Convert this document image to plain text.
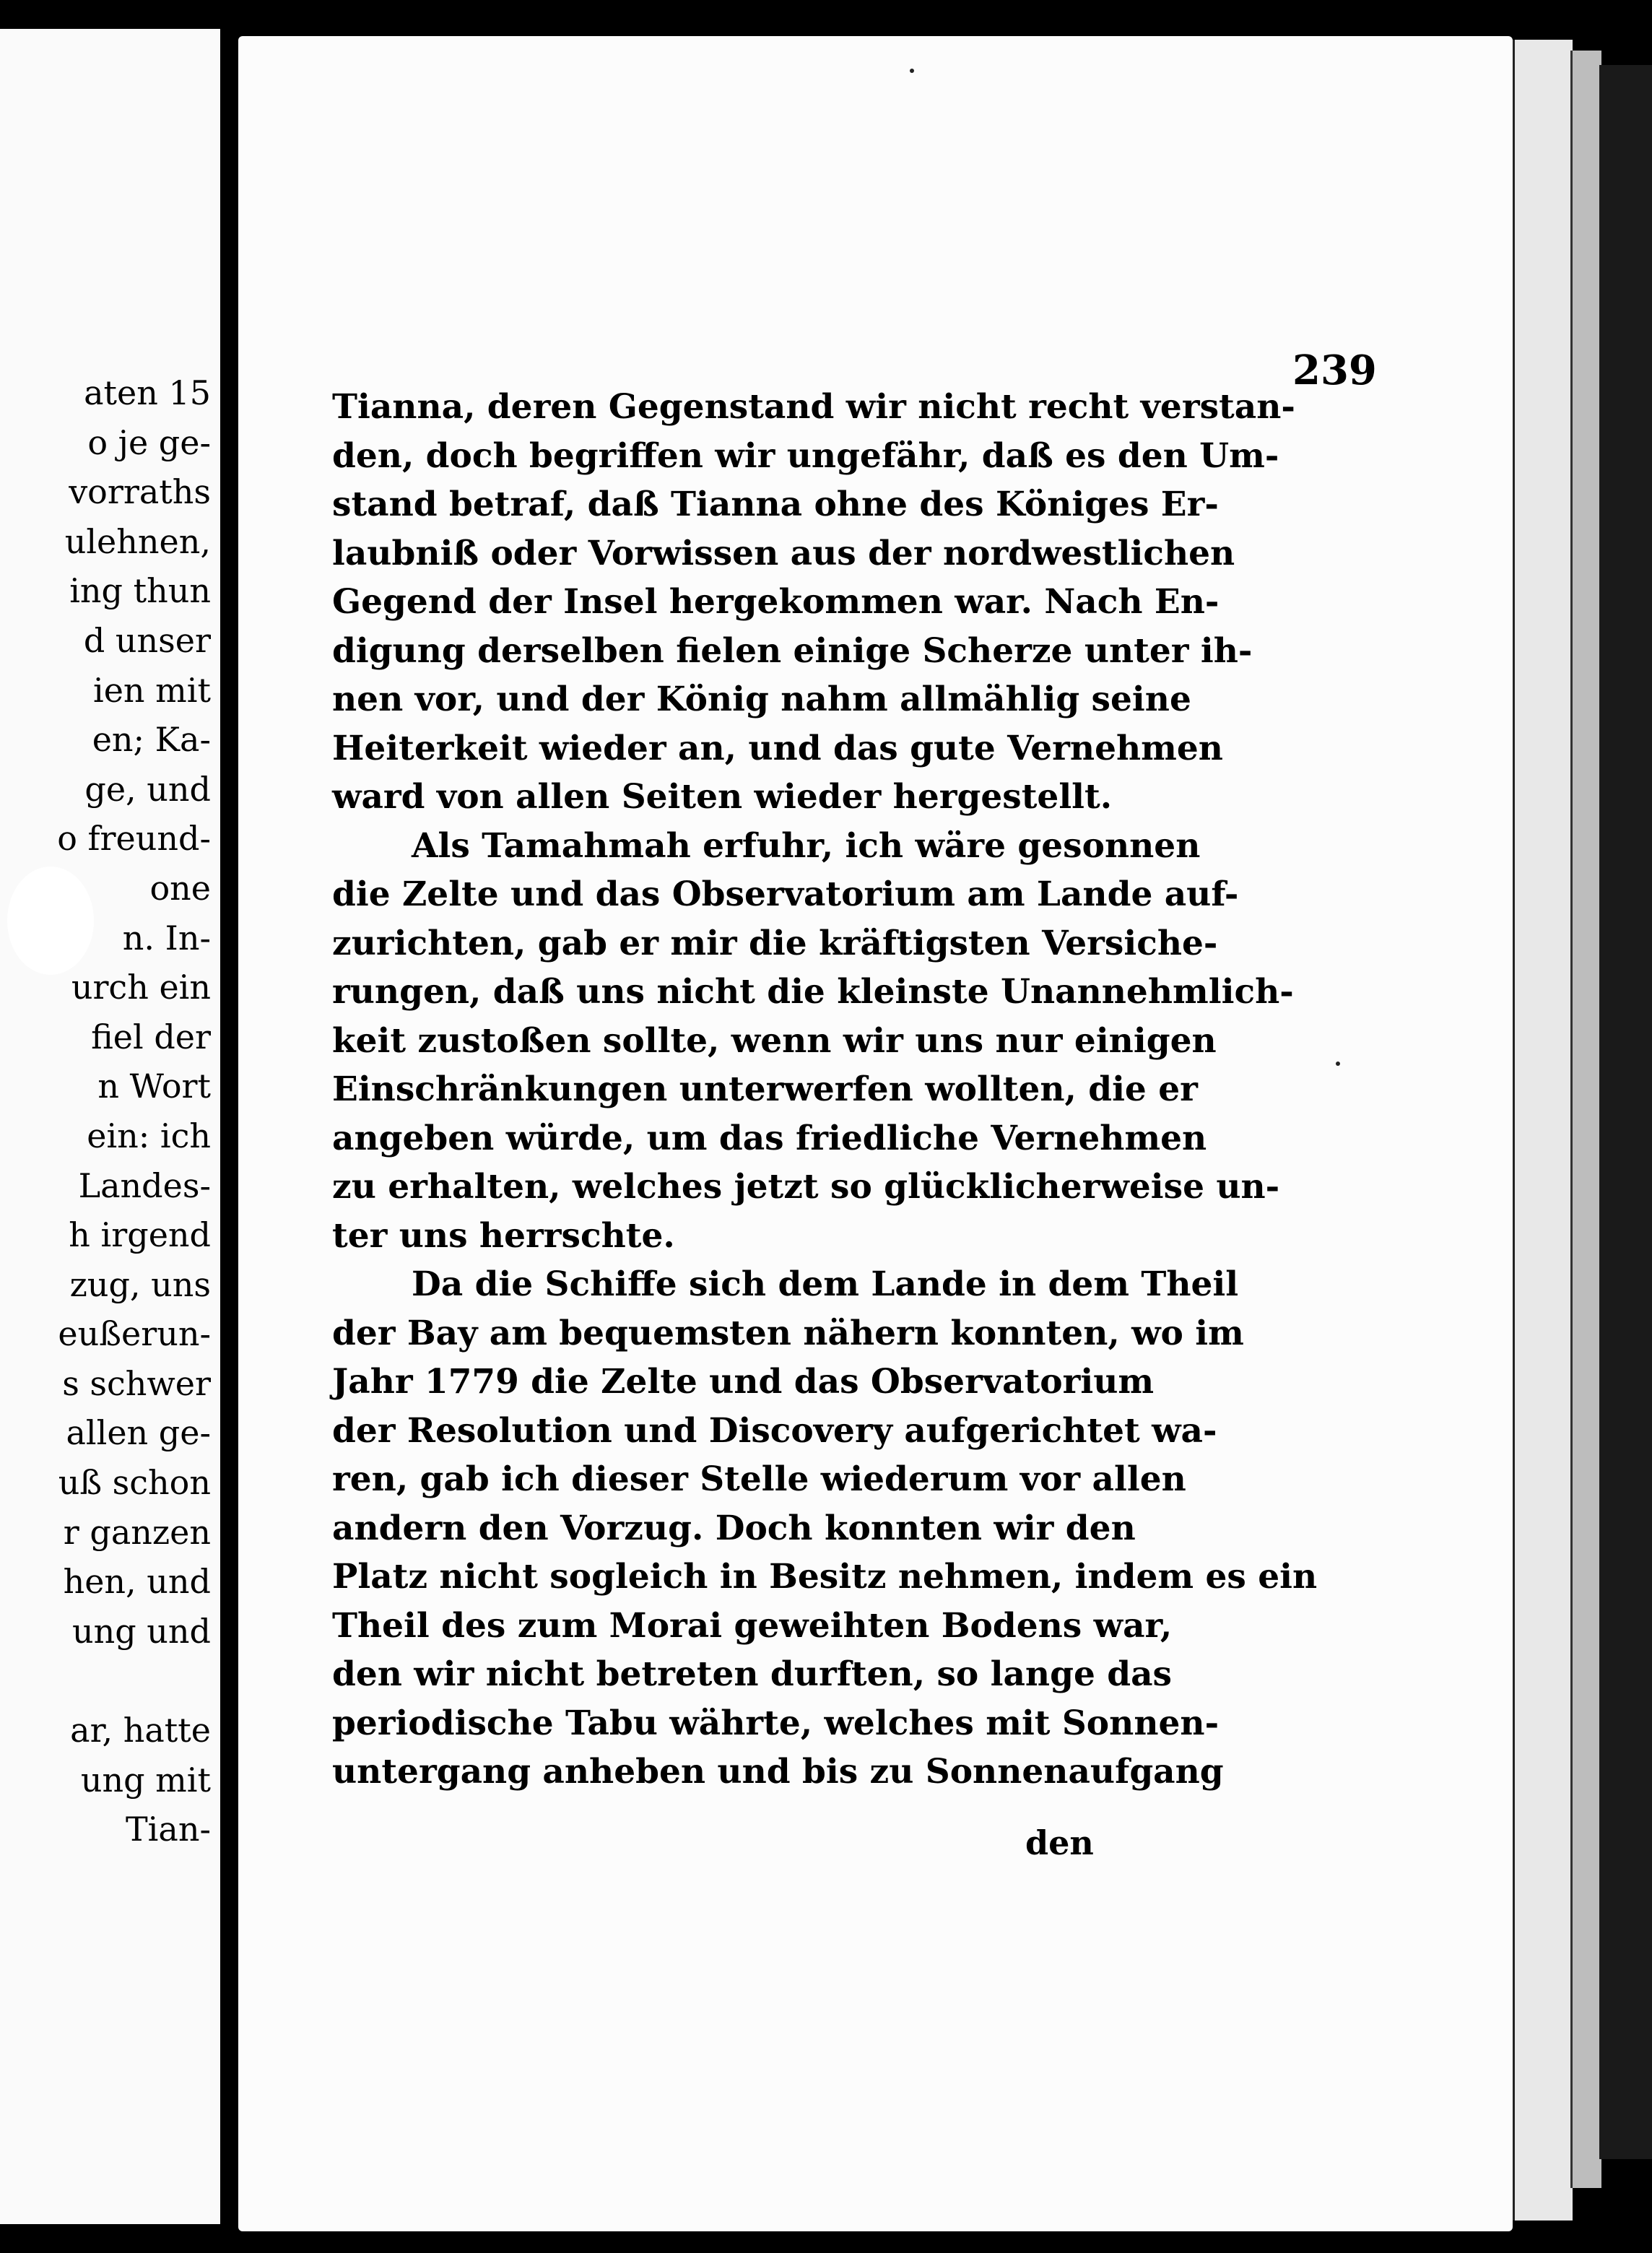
aten 15
o je ge-
vorraths
ulehnen,
ing thun
d unser
ien mit
en; Ka-
ge, und
o freund-
one
n. In-
urch ein
fiel der
n Wort
ein: ich
Landes-
h irgend
zug, uns
eußerun-
s schwer
allen ge-
uß schon
r ganzen
hen, und
ung und

ar, hatte
ung mit
Tian-
239
Tianna, deren Gegenstand wir nicht recht verstan-
den, doch begriffen wir ungefähr, daß es den Um-
stand betraf, daß Tianna ohne des Königes Er-
laubniß oder Vorwissen aus der nordwestlichen
Gegend der Insel hergekommen war. Nach En-
digung derselben fielen einige Scherze unter ih-
nen vor, und der König nahm allmählig seine
Heiterkeit wieder an, und das gute Vernehmen
ward von allen Seiten wieder hergestellt.
Als Tamahmah erfuhr, ich wäre gesonnen
die Zelte und das Observatorium am Lande auf-
zurichten, gab er mir die kräftigsten Versiche-
rungen, daß uns nicht die kleinste Unannehmlich-
keit zustoßen sollte, wenn wir uns nur einigen
Einschränkungen unterwerfen wollten, die er
angeben würde, um das friedliche Vernehmen
zu erhalten, welches jetzt so glücklicherweise un-
ter uns herrschte.
Da die Schiffe sich dem Lande in dem Theil
der Bay am bequemsten nähern konnten, wo im
Jahr 1779 die Zelte und das Observatorium
der Resolution und Discovery aufgerichtet wa-
ren, gab ich dieser Stelle wiederum vor allen
andern den Vorzug. Doch konnten wir den
Platz nicht sogleich in Besitz nehmen, indem es ein
Theil des zum Morai geweihten Bodens war,
den wir nicht betreten durften, so lange das
periodische Tabu währte, welches mit Sonnen-
untergang anheben und bis zu Sonnenaufgang
den
